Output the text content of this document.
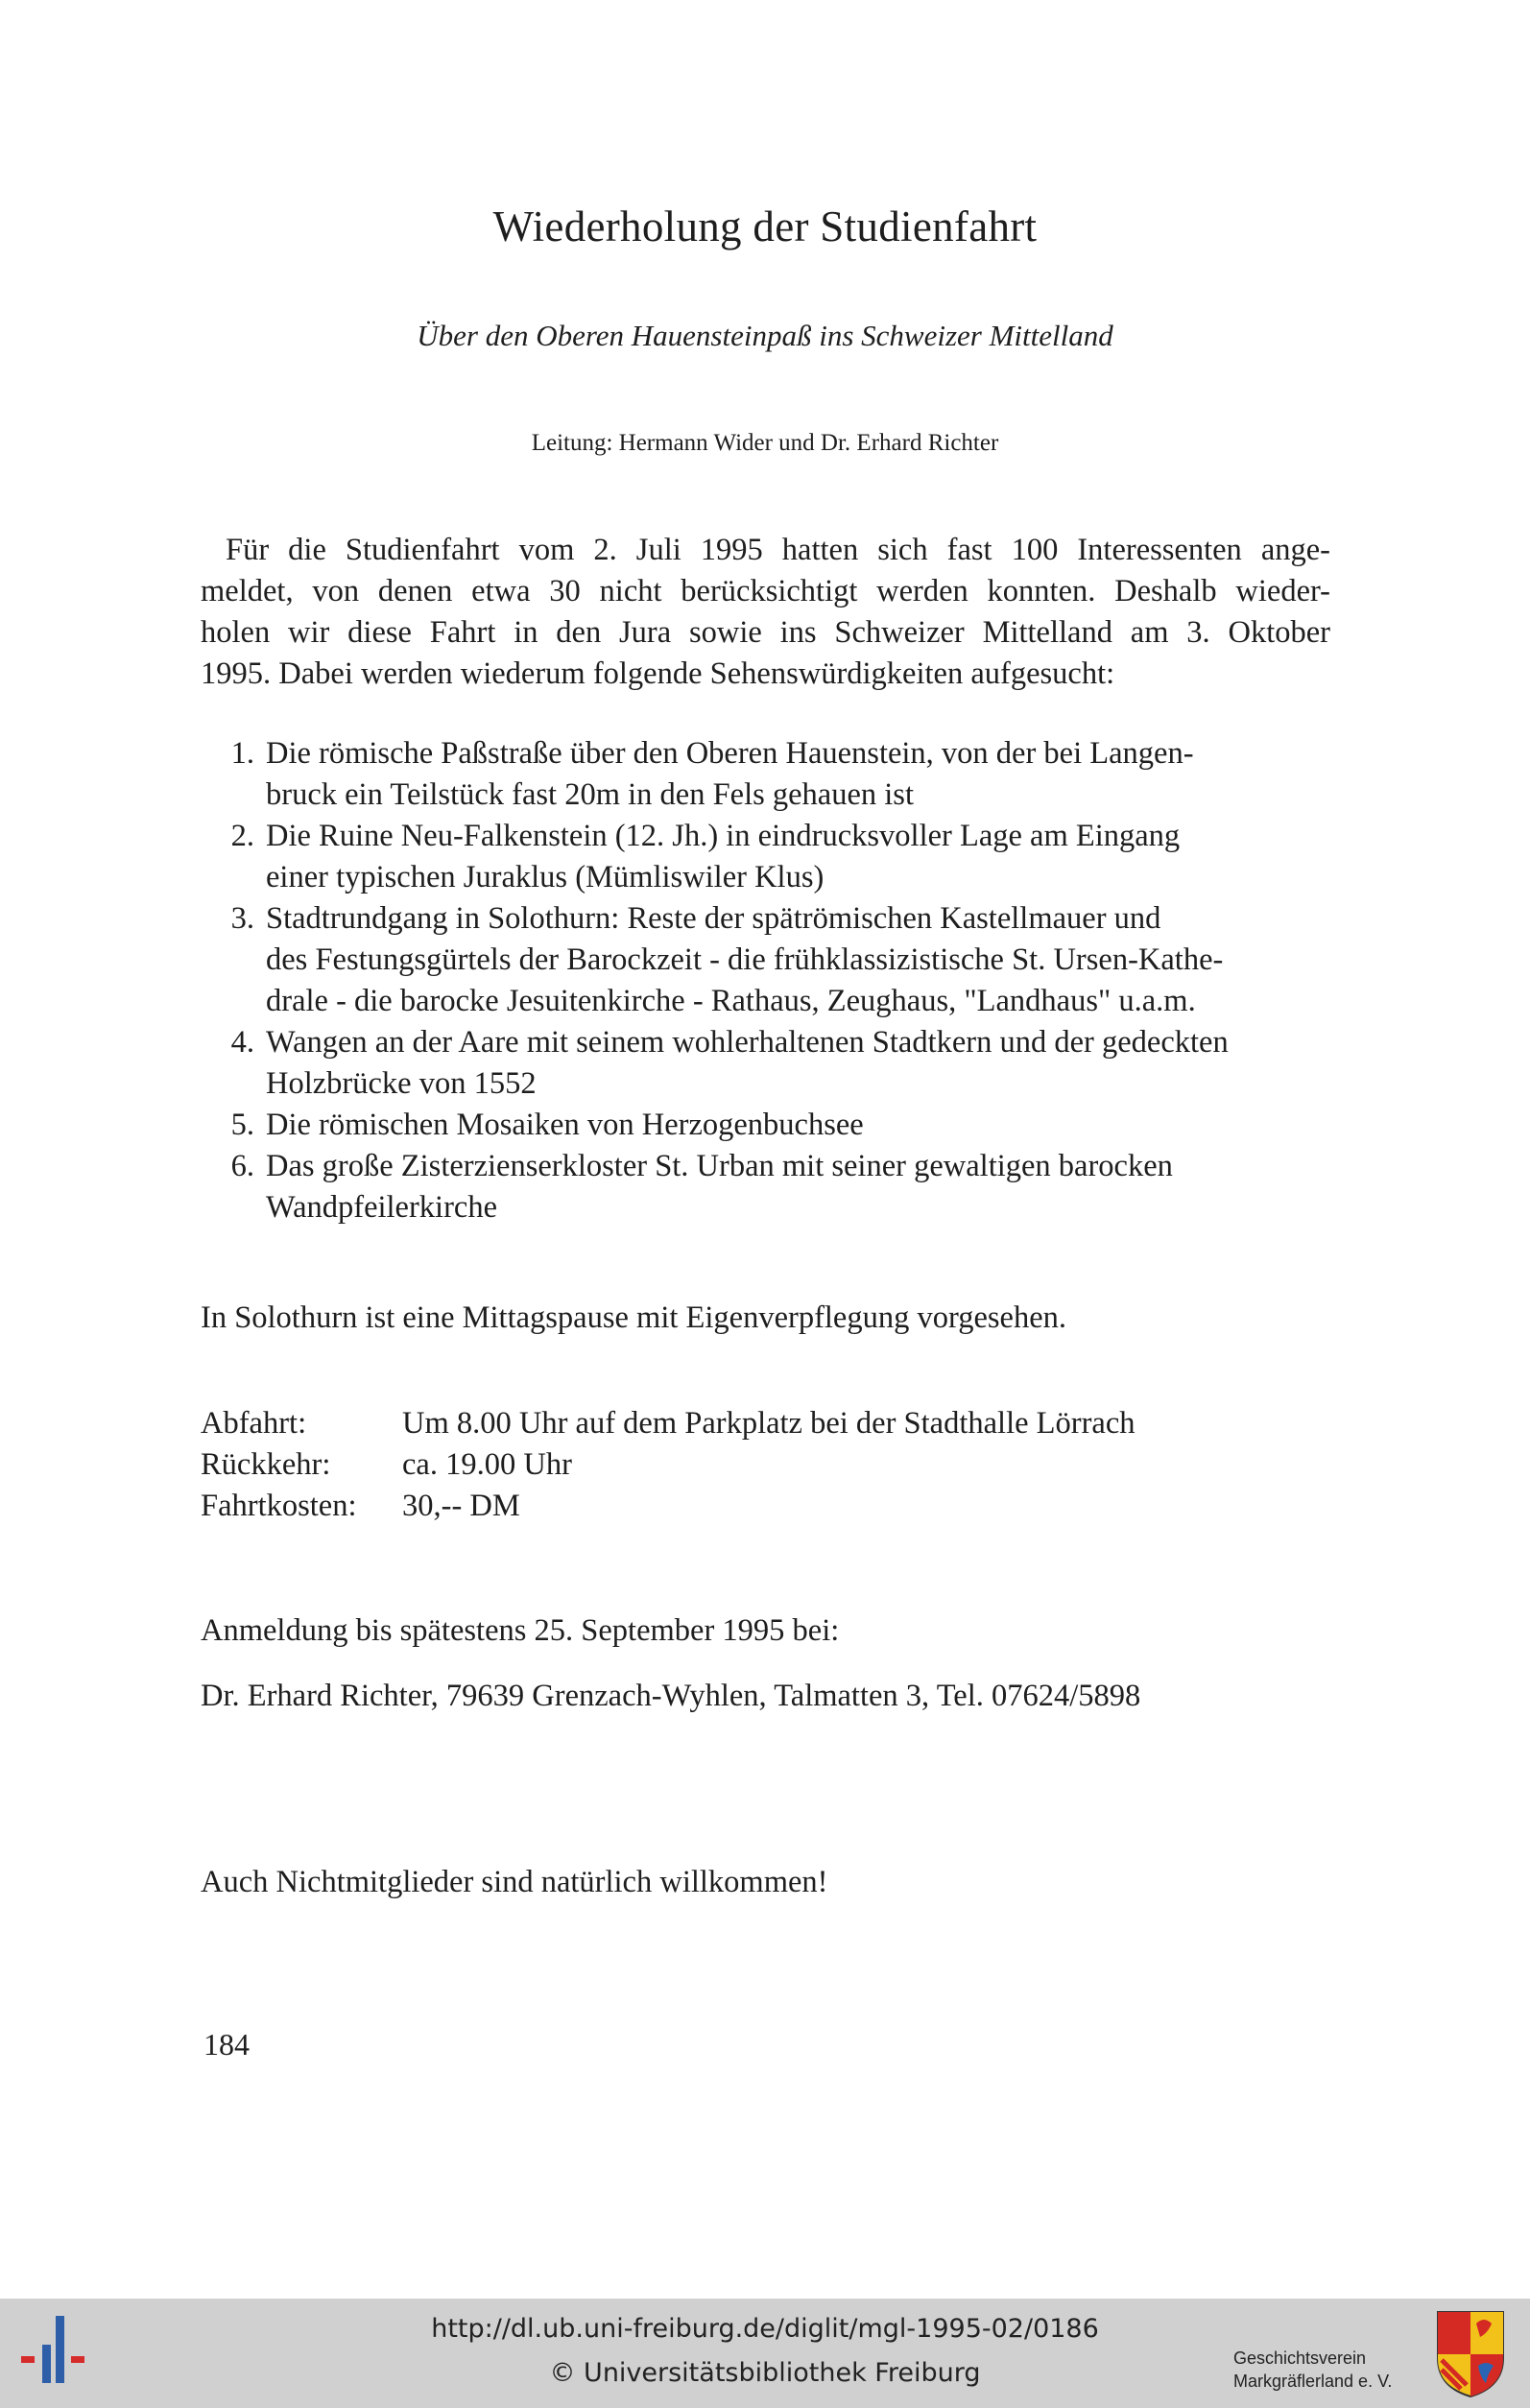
Wiederholung der Studienfahrt
Über den Oberen Hauensteinpaß ins Schweizer Mittelland
Leitung: Hermann Wider und Dr. Erhard Richter
Für die Studienfahrt vom 2. Juli 1995 hatten sich fast 100 Interessenten ange-
meldet, von denen etwa 30 nicht berücksichtigt werden konnten. Deshalb wieder-
holen wir diese Fahrt in den Jura sowie ins Schweizer Mittelland am 3. Oktober
1995. Dabei werden wiederum folgende Sehenswürdigkeiten aufgesucht:
1. Die römische Paßstraße über den Oberen Hauenstein, von der bei Langen-
bruck ein Teilstück fast 20m in den Fels gehauen ist
2. Die Ruine Neu-Falkenstein (12. Jh.) in eindrucksvoller Lage am Eingang
einer typischen Juraklus (Mümliswiler Klus)
3. Stadtrundgang in Solothurn: Reste der spätrömischen Kastellmauer und
des Festungsgürtels der Barockzeit - die frühklassizistische St. Ursen-Kathe-
drale - die barocke Jesuitenkirche - Rathaus, Zeughaus, "Landhaus" u.a.m.
4. Wangen an der Aare mit seinem wohlerhaltenen Stadtkern und der gedeckten
Holzbrücke von 1552
5. Die römischen Mosaiken von Herzogenbuchsee
6. Das große Zisterzienserkloster St. Urban mit seiner gewaltigen barocken
Wandpfeilerkirche
In Solothurn ist eine Mittagspause mit Eigenverpflegung vorgesehen.
Abfahrt:	Um 8.00 Uhr auf dem Parkplatz bei der Stadthalle Lörrach
Rückkehr:	ca. 19.00 Uhr
Fahrtkosten:	30,-- DM
Anmeldung bis spätestens 25. September 1995 bei:
Dr. Erhard Richter, 79639 Grenzach-Wyhlen, Talmatten 3, Tel. 07624/5898
Auch Nichtmitglieder sind natürlich willkommen!
184
http://dl.ub.uni-freiburg.de/diglit/mgl-1995-02/0186
© Universitätsbibliothek Freiburg	Geschichtsverein
Markgräflerland e. V.
